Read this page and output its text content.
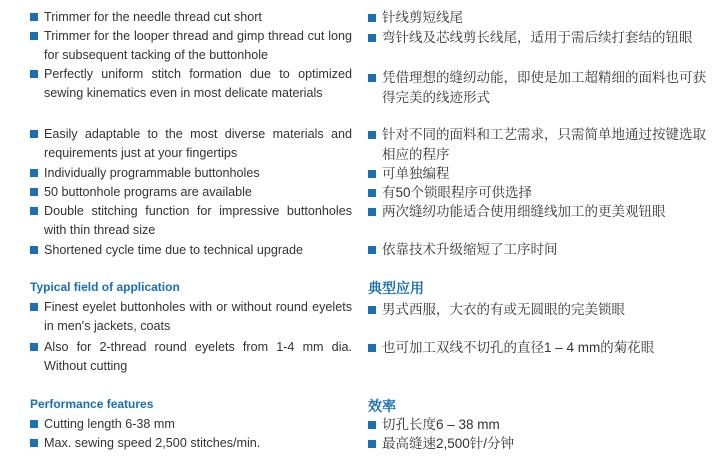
Trimmer for the needle thread cut short
Trimmer for the looper thread and gimp thread cut long for subsequent tacking of the buttonhole
Perfectly uniform stitch formation due to optimized sewing kinematics even in most delicate materials
Easily adaptable to the most diverse materials and requirements just at your fingertips
Individually programmable buttonholes
50 buttonhole programs are available
Double stitching function for impressive buttonholes with thin thread size
Shortened cycle time due to technical upgrade
Typical field of application
Finest eyelet buttonholes with or without round eyelets in men's jackets, coats
Also for 2-thread round eyelets from 1-4 mm dia. Without cutting
Performance features
Cutting length 6-38 mm
Max. sewing speed 2,500 stitches/min.
针线剪短线尾
弯针线及芯线剪长线尾，适用于需后续打套结的钮眼
凭借理想的缝纫动能，即使是加工超精细的面料也可获得完美的线迹形式
针对不同的面料和工艺需求，只需简单地通过按键选取相应的程序
可单独编程
有50个锁眼程序可供选择
两次缝纫功能适合使用细缝线加工的更美观钮眼
依靠技术升级缩短了工序时间
典型应用
男式西服，大衣的有或无圆眼的完美锁眼
也可加工双线不切孔的直径1 – 4 mm的菊花眼
效率
切孔长度6 – 38 mm
最高缝速2,500针/分钟
